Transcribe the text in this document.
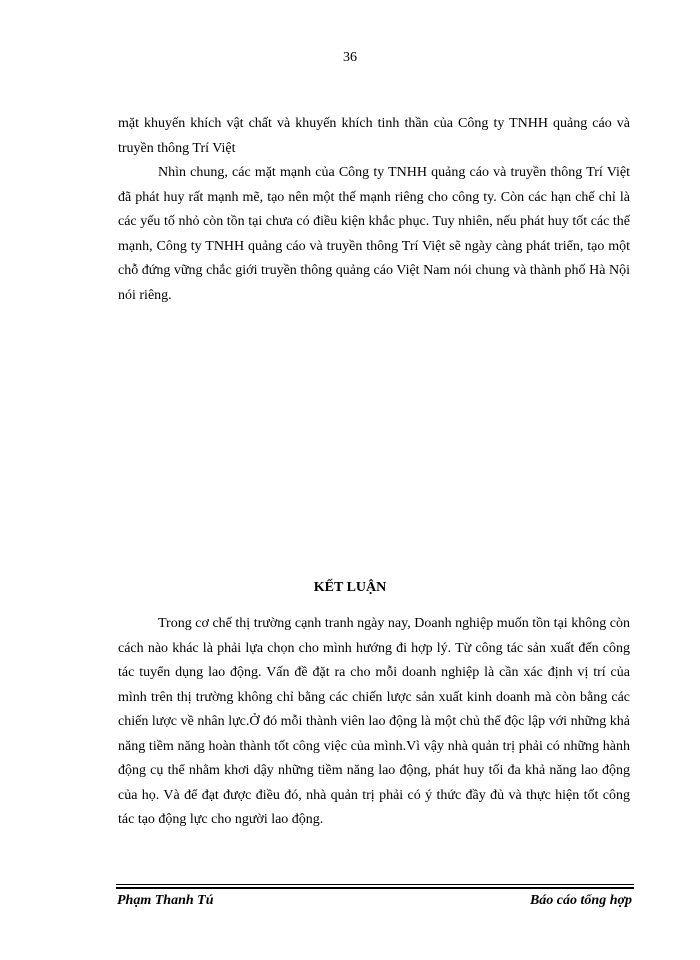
36

mặt khuyến khích vật chất và khuyến khích tinh thần của Công ty TNHH quảng cáo và truyền thông Trí Việt

Nhìn chung, các mặt mạnh của Công ty TNHH quảng cáo và truyền thông Trí Việt đã phát huy rất mạnh mẽ, tạo nên một thế mạnh riêng cho công ty. Còn các hạn chế chỉ là các yếu tố nhỏ còn tồn tại chưa có điều kiện khắc phục. Tuy nhiên, nếu phát huy tốt các thế mạnh, Công ty TNHH quảng cáo và truyền thông Trí Việt sẽ ngày càng phát triển, tạo một chỗ đứng vững chắc giới truyền thông quảng cáo Việt Nam nói chung và thành phố Hà Nội nói riêng.

KẾT LUẬN

Trong cơ chế thị trường cạnh tranh ngày nay, Doanh nghiệp muốn tồn tại không còn cách nào khác là phải lựa chọn cho mình hướng đi hợp lý. Từ công tác sản xuất đến công tác tuyển dụng lao động. Vấn đề đặt ra cho mỗi doanh nghiệp là cần xác định vị trí của mình trên thị trường không chỉ bằng các chiến lược sản xuất kinh doanh mà còn bằng các chiến lược về nhân lực.Ở đó mỗi thành viên lao động là một chủ thể độc lập với những khả năng tiềm năng hoàn thành tốt công việc của mình.Vì vậy nhà quản trị phải có những hành động cụ thể nhằm khơi dậy những tiềm năng lao động, phát huy tối đa khả năng lao động của họ. Và để đạt được điều đó, nhà quản trị phải có ý thức đầy đủ và thực hiện tốt công tác tạo động lực cho người lao động.

Phạm Thanh Tú	Báo cáo tổng hợp
